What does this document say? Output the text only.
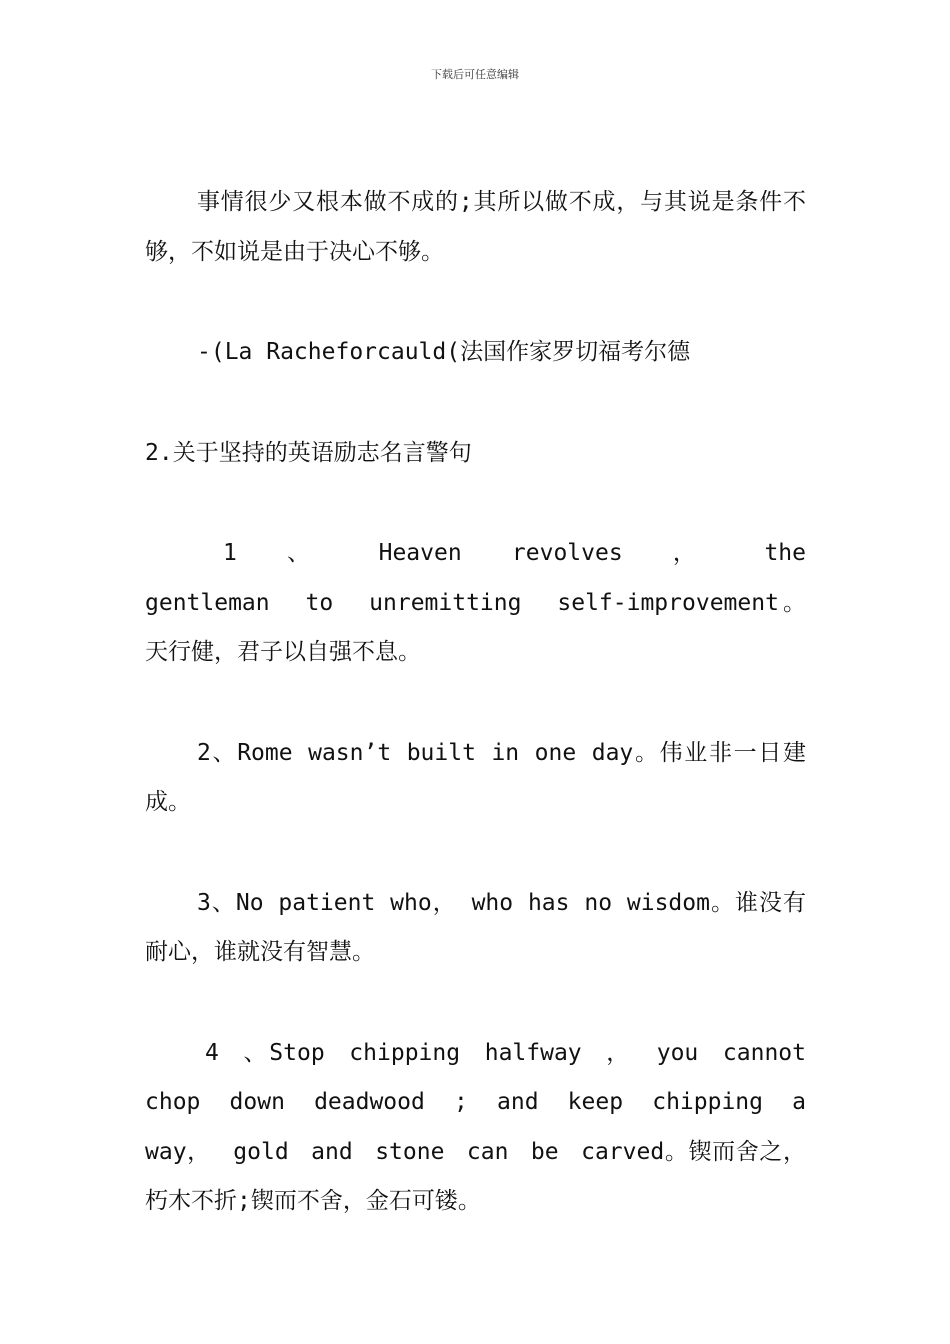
下载后可任意编辑

事情很少又根本做不成的;其所以做不成，与其说是条件不够，不如说是由于决心不够。

-(La Racheforcauld(法国作家罗切福考尔德

2.关于坚持的英语励志名言警句

1 、 Heaven revolves ， the gentleman to unremitting self-improvement。 天行健，君子以自强不息。

2、Rome wasn’t built in one day。伟业非一日建成。

3、No patient who， who has no wisdom。谁没有耐心，谁就没有智慧。

4 、Stop chipping halfway ， you cannot chop down deadwood ; and keep chipping a way， gold and stone can be carved。锲而舍之，朽木不折;锲而不舍，金石可镂。
